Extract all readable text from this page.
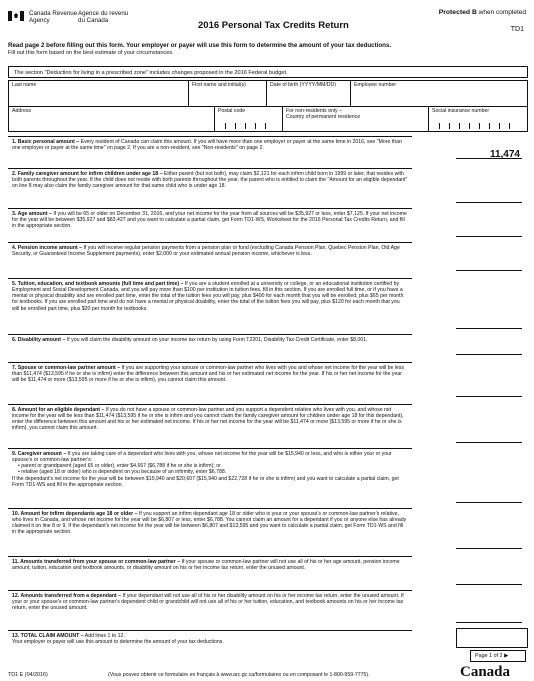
Canada Revenue
Agency
Agence du revenu
du Canada	2016 Personal Tax Credits Return
Protected B when completed
TD1
Read page 2 before filling out this form. Your employer or payer will use this form to determine the amount of your tax deductions.
Fill out this form based on the best estimate of your circumstances.
The section "Deduction for living in a prescribed zone" includes changes proposed in the 2016 Federal budget.
Last name	First name and initial(s)	Date of birth (YYYY/MM/DD)	Employee number
Address	Postal code	For non-residents only –
Country of permanent residence
Social insurance number
1. Basic personal amount – Every resident of Canada can claim this amount. If you will have more than one employer or payer at the same time in 2016, see "More than one employer or payer at the same time" on page 2. If you are a non-resident, see "Non-residents" on page 2.
11,474
2. Family caregiver amount for infirm children under age 18 – Either parent (but not both), may claim $2,121 for each infirm child born in 1999 or later, that resides with both parents throughout the year. If the child does not reside with both parents throughout the year, the parent who is entitled to claim the "Amount for an eligible dependant" on line 8 may also claim the family caregiver amount for that same child who is under age 18.
3. Age amount – If you will be 65 or older on December 31, 2016, and your net income for the year from all sources will be $35,927 or less, enter $7,125. If your net income for the year will be between $35,927 and $83,427 and you want to calculate a partial claim, get Form TD1-WS, Worksheet for the 2016 Personal Tax Credits Return, and fill in the appropriate section.
4. Pension income amount – If you will receive regular pension payments from a pension plan or fund (excluding Canada Pension Plan, Quebec Pension Plan, Old Age Security, or Guaranteed Income Supplement payments), enter $2,000 or your estimated annual pension income, whichever is less.
5. Tuition, education, and textbook amounts (full time and part time) – If you are a student enrolled at a university or college, or an educational institution certified by Employment and Social Development Canada, and you will pay more than $100 per institution in tuition fees, fill in this section. If you are enrolled full time, or if you have a mental or physical disability and are enrolled part time, enter the total of the tuition fees you will pay, plus $400 for each month that you will be enrolled, plus $65 per month for textbooks. If you are enrolled part time and do not have a mental or physical disability, enter the total of the tuition fees you will pay, plus $120 for each month that you will be enrolled part time, plus $20 per month for textbooks.
6. Disability amount – If you will claim the disability amount on your income tax return by using Form T2201, Disability Tax Credit Certificate, enter $8,001.
7. Spouse or common-law partner amount – If you are supporting your spouse or common-law partner who lives with you and whose net income for the year will be less than $11,474 ($13,595 if he or she is infirm) enter the difference between this amount and his or her estimated net income for the year. If his or her net income for the year will be $11,474 or more ($13,595 or more if he or she is infirm), you cannot claim this amount.
8. Amount for an eligible dependant – If you do not have a spouse or common-law partner and you support a dependent relative who lives with you, and whose net income for the year will be less than $11,474 ($13,595 if he or she is infirm and you cannot claim the family caregiver amount for children under age 18 for this dependant), enter the difference between this amount and his or her estimated net income. If his or her net income for the year will be $11,474 or more ($13,595 or more if he or she is infirm), you cannot claim this amount.
9. Caregiver amount – If you are taking care of a dependant who lives with you, whose net income for the year will be $15,940 or less, and who is either your or your spouse's or common-law partner's:
• parent or grandparent (aged 65 or older), enter $4,667 ($6,788 if he or she is infirm); or
• relative (aged 18 or older) who is dependent on you because of an infirmity, enter $6,788.
If the dependant's net income for the year will be between $15,940 and $20,607 ($15,940 and $22,728 if he or she is infirm) and you want to calculate a partial claim, get Form TD1-WS and fill in the appropriate section.
10. Amount for infirm dependants age 18 or older – If you support an infirm dependant age 18 or older who is your or your spouse's or common-law partner's relative, who lives in Canada, and whose net income for the year will be $6,807 or less, enter $6,788. You cannot claim an amount for a dependant if you or anyone else has already claimed it on line 8 or 9. If the dependant's net income for the year will be between $6,807 and $13,595 and you want to calculate a partial claim, get Form TD1-WS and fill in the appropriate section.
11. Amounts transferred from your spouse or common-law partner – If your spouse or common-law partner will not use all of his or her age amount, pension income amount, tuition, education and textbook amounts, or disability amount on his or her income tax return, enter the unused amount.
12. Amounts transferred from a dependant – If your dependant will not use all of his or her disability amount on his or her income tax return, enter the unused amount. If your or your spouse's or common-law partner's dependent child or grandchild will not use all of his or her tuition, education, and textbook amounts on his or her income tax return, enter the unused amount.
13. TOTAL CLAIM AMOUNT – Add lines 1 to 12.
Your employer or payer will use this amount to determine the amount of your tax deductions.
Page 1 of 2 ▶
TD1 E (04/2016)	(Vous pouvez obtenir ce formulaire en français à www.arc.gc.ca/formulaires ou en composant le 1-800-959-7775).	Canada
